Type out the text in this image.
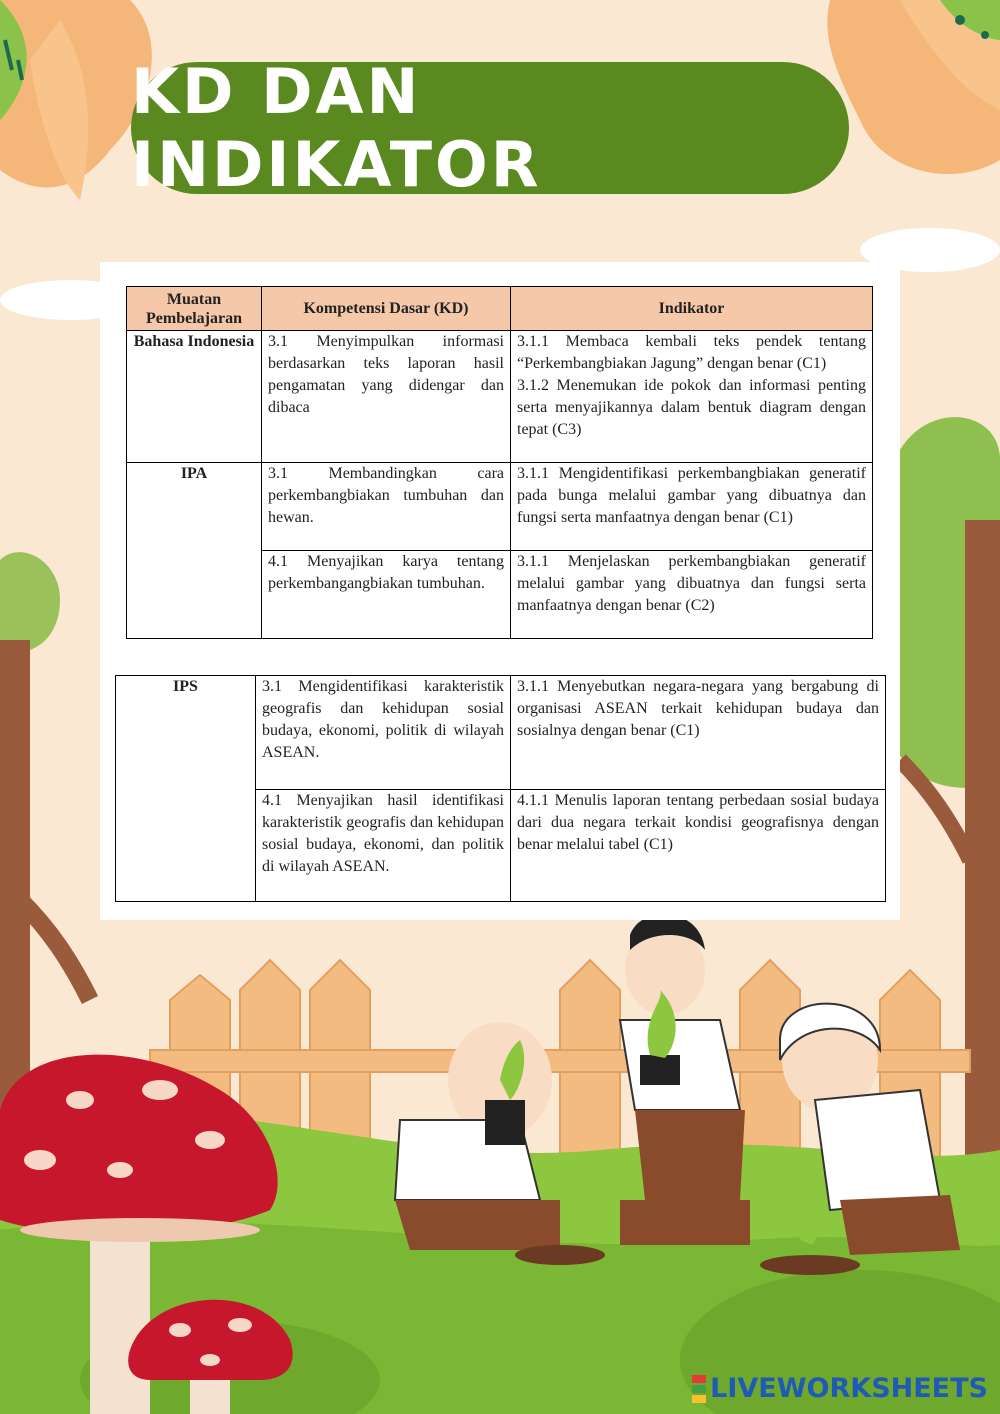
KD DAN INDIKATOR
Muatan Pembelajaran	Kompetensi Dasar (KD)	Indikator
Bahasa Indonesia	3.1 Menyimpulkan informasi berdasarkan teks laporan hasil pengamatan yang didengar dan dibaca	3.1.1 Membaca kembali teks pendek tentang “Perkembangbiakan Jagung” dengan benar (C1)

3.1.2 Menemukan ide pokok dan informasi penting serta menyajikannya dalam bentuk diagram dengan tepat (C3)

IPA	3.1 Membandingkan cara perkembangbiakan tumbuhan dan hewan.	3.1.1 Mengidentifikasi perkembangbiakan generatif pada bunga melalui gambar yang dibuatnya dan fungsi serta manfaatnya dengan benar (C1)

	4.1 Menyajikan karya tentang perkembangangbiakan tumbuhan.	3.1.1 Menjelaskan perkembangbiakan generatif melalui gambar yang dibuatnya dan fungsi serta manfaatnya dengan benar (C2)

IPS	3.1 Mengidentifikasi karakteristik geografis dan kehidupan sosial budaya, ekonomi, politik di wilayah ASEAN.	3.1.1 Menyebutkan negara-negara yang bergabung di organisasi ASEAN terkait kehidupan budaya dan sosialnya dengan benar (C1)

	4.1 Menyajikan hasil identifikasi karakteristik geografis dan kehidupan sosial budaya, ekonomi, dan politik di wilayah ASEAN.	4.1.1 Menulis laporan tentang perbedaan sosial budaya dari dua negara terkait kondisi geografisnya dengan benar melalui tabel (C1)

LIVEWORKSHEETS
